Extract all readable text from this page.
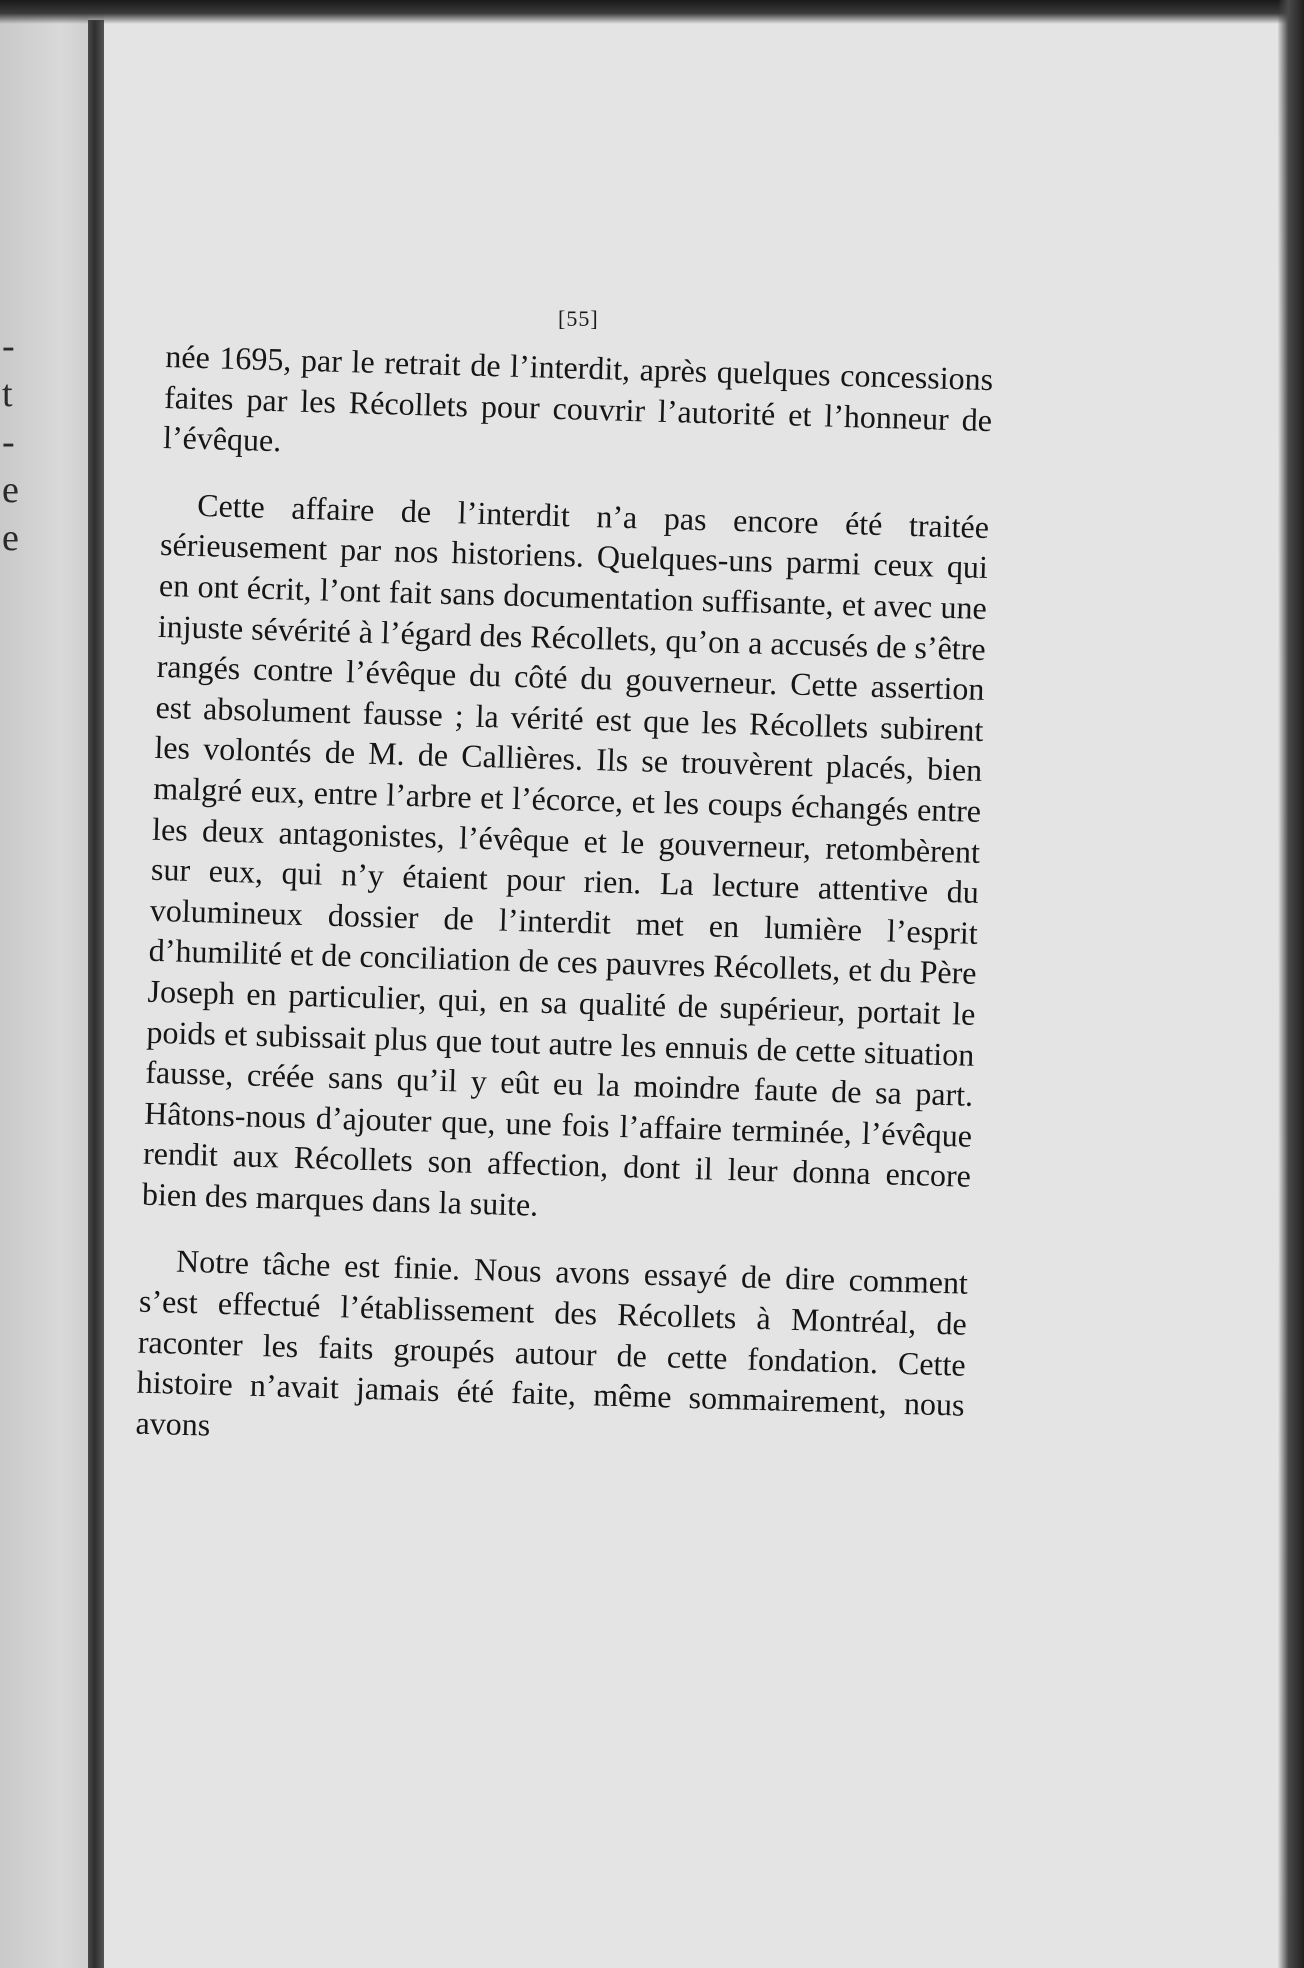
-
t
-
e
e
[55]

née 1695, par le retrait de l’interdit, après quelques concessions faites par les Récollets pour couvrir l’autorité et l’honneur de l’évêque.

Cette affaire de l’interdit n’a pas encore été traitée sérieusement par nos historiens. Quelques-uns parmi ceux qui en ont écrit, l’ont fait sans documentation suffisante, et avec une injuste sévérité à l’égard des Récollets, qu’on a accusés de s’être rangés contre l’évêque du côté du gouverneur. Cette assertion est absolument fausse ; la vérité est que les Récollets subirent les volontés de M. de Callières. Ils se trouvèrent placés, bien malgré eux, entre l’arbre et l’écorce, et les coups échangés entre les deux antagonistes, l’évêque et le gouverneur, retombèrent sur eux, qui n’y étaient pour rien. La lecture attentive du volumineux dossier de l’interdit met en lumière l’esprit d’humilité et de conciliation de ces pauvres Récollets, et du Père Joseph en particulier, qui, en sa qualité de supérieur, portait le poids et subissait plus que tout autre les ennuis de cette situation fausse, créée sans qu’il y eût eu la moindre faute de sa part. Hâtons-nous d’ajouter que, une fois l’affaire terminée, l’évêque rendit aux Récollets son affection, dont il leur donna encore bien des marques dans la suite.

Notre tâche est finie. Nous avons essayé de dire comment s’est effectué l’établissement des Récollets à Montréal, de raconter les faits groupés autour de cette fondation. Cette histoire n’avait jamais été faite, même sommairement, nous avons
